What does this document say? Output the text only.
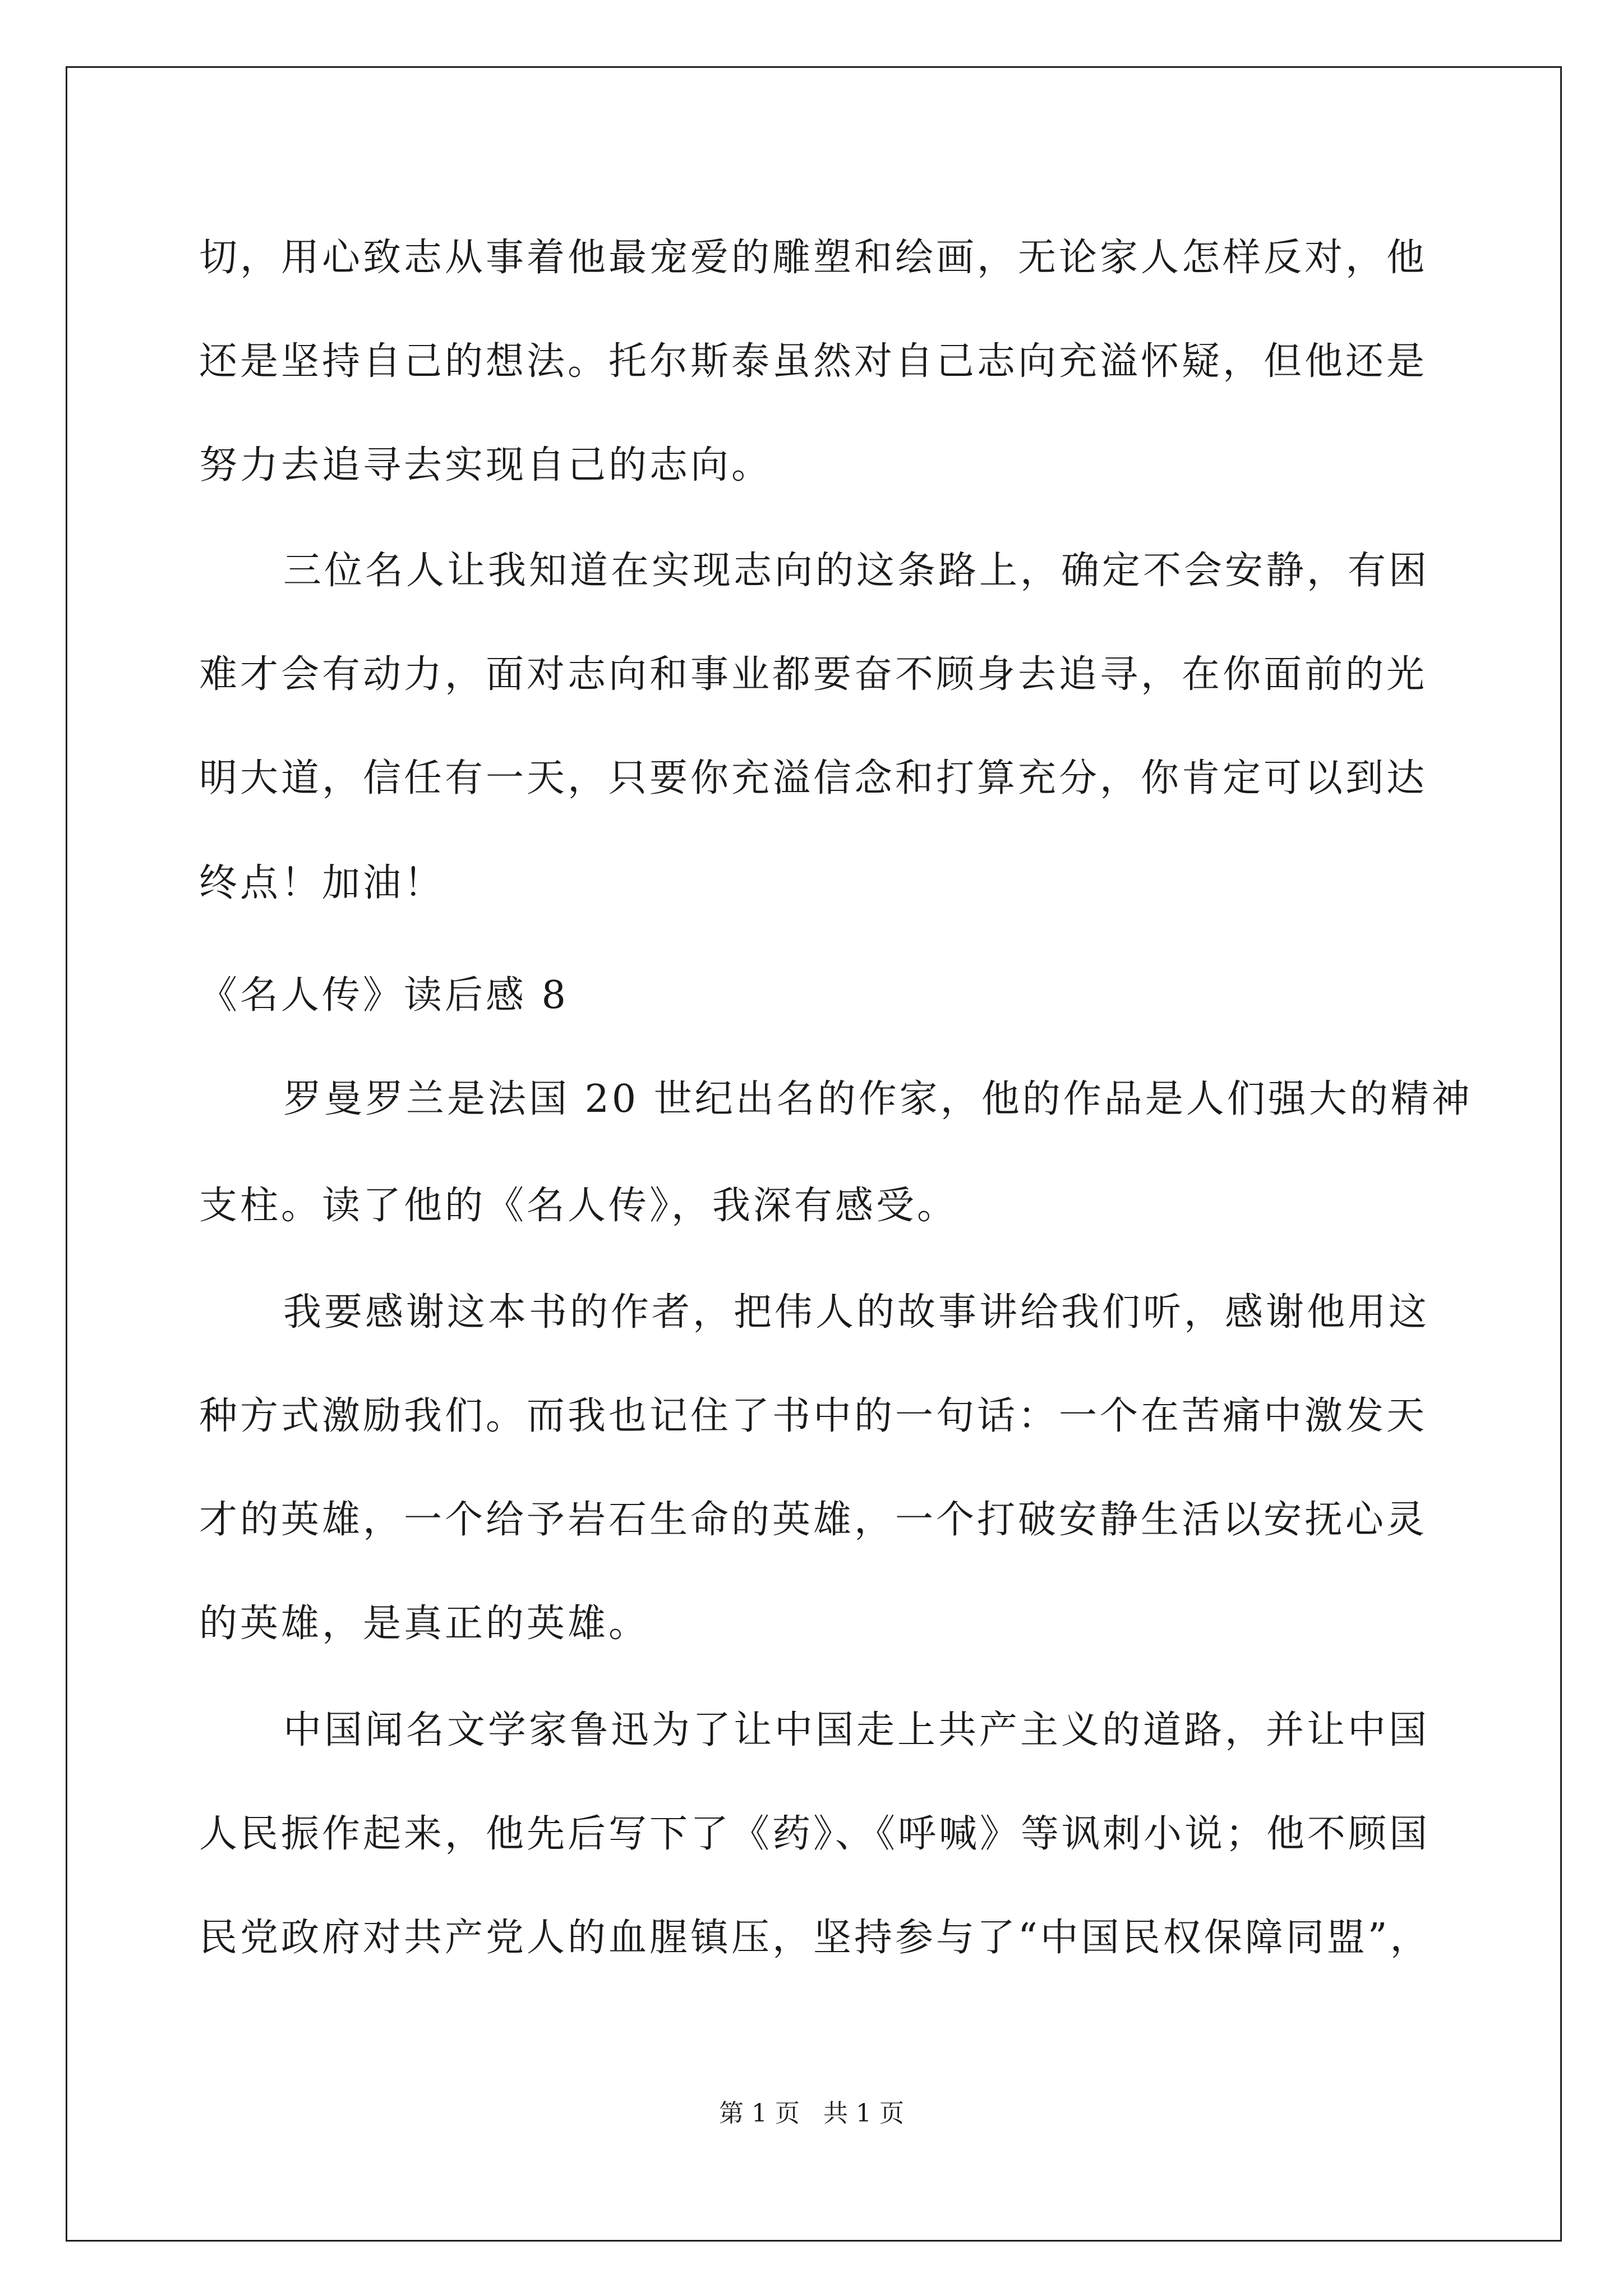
切，用心致志从事着他最宠爱的雕塑和绘画，无论家人怎样反对，他
还是坚持自己的想法。托尔斯泰虽然对自己志向充溢怀疑，但他还是
努力去追寻去实现自己的志向。
三位名人让我知道在实现志向的这条路上，确定不会安静，有困
难才会有动力，面对志向和事业都要奋不顾身去追寻，在你面前的光
明大道，信任有一天，只要你充溢信念和打算充分，你肯定可以到达
终点！加油！
《名人传》读后感 8
罗曼罗兰是法国 20 世纪出名的作家，他的作品是人们强大的精神
支柱。读了他的《名人传》，我深有感受。
我要感谢这本书的作者，把伟人的故事讲给我们听，感谢他用这
种方式激励我们。而我也记住了书中的一句话：一个在苦痛中激发天
才的英雄，一个给予岩石生命的英雄，一个打破安静生活以安抚心灵
的英雄，是真正的英雄。
中国闻名文学家鲁迅为了让中国走上共产主义的道路，并让中国
人民振作起来，他先后写下了《药》、《呼喊》等讽刺小说；他不顾国
民党政府对共产党人的血腥镇压，坚持参与了“中国民权保障同盟”，
第 1 页 共 1 页
